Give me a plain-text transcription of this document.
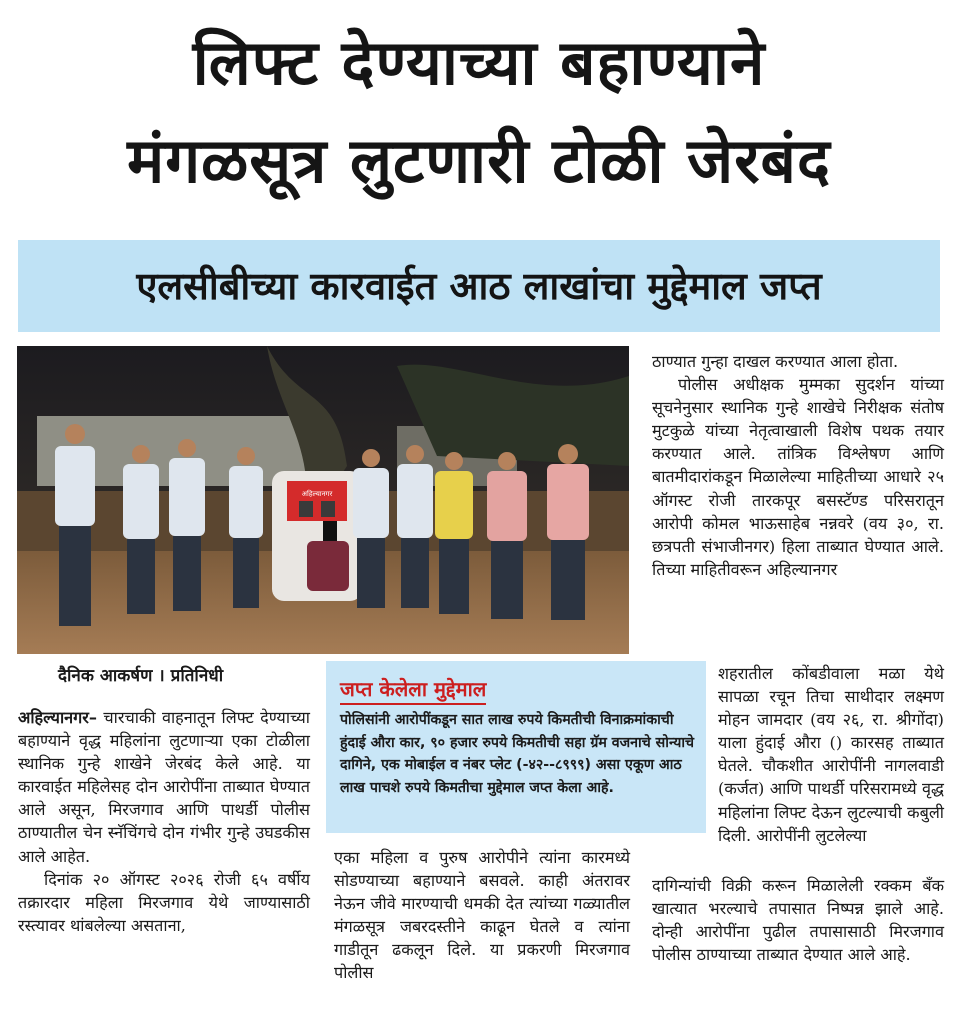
लिफ्ट देण्याच्या बहाण्याने
मंगळसूत्र लुटणारी टोळी जेरबंद
एलसीबीच्या कारवाईत आठ लाखांचा मुद्देमाल जप्त
अहिल्यानगर
दैनिक आकर्षण । प्रतिनिधी

अहिल्यानगर– चारचाकी वाहनातून लिफ्ट देण्याच्या बहाण्याने वृद्ध महिलांना लुटणाऱ्या एका टोळीला स्थानिक गुन्हे शाखेने जेरबंद केले आहे. या कारवाईत महिलेसह दोन आरोपींना ताब्यात घेण्यात आले असून, मिरजगाव आणि पाथर्डी पोलीस ठाण्यातील चेन स्नॅचिंगचे दोन गंभीर गुन्हे उघडकीस आले आहेत.

दिनांक २० ऑगस्ट २०२६ रोजी ६५ वर्षीय तक्रारदार महिला मिरजगाव येथे जाण्यासाठी रस्त्यावर थांबलेल्या असताना,

जप्त केलेला मुद्देमाल
पोलिसांनी आरोपींकडून सात लाख रुपये किमतीची विनाक्रमांकाची हुंदाई औरा कार, ९० हजार रुपये किमतीची सहा ग्रॅम वजनाचे सोन्याचे दागिने, एक मोबाईल व नंबर प्लेट (-४२--८९९९) असा एकूण आठ लाख पाचशे रुपये किमतीचा मुद्देमाल जप्त केला आहे.

एका महिला व पुरुष आरोपीने त्यांना कारमध्ये सोडण्याच्या बहाण्याने बसवले. काही अंतरावर नेऊन जीवे मारण्याची धमकी देत त्यांच्या गळ्यातील मंगळसूत्र जबरदस्तीने काढून घेतले व त्यांना गाडीतून ढकलून दिले. या प्रकरणी मिरजगाव पोलीस

ठाण्यात गुन्हा दाखल करण्यात आला होता.

पोलीस अधीक्षक मुम्मका सुदर्शन यांच्या सूचनेनुसार स्थानिक गुन्हे शाखेचे निरीक्षक संतोष मुटकुळे यांच्या नेतृत्वाखाली विशेष पथक तयार करण्यात आले. तांत्रिक विश्लेषण आणि बातमीदारांकडून मिळालेल्या माहितीच्या आधारे २५ ऑगस्ट रोजी तारकपूर बसस्टॅण्ड परिसरातून आरोपी कोमल भाऊसाहेब नन्नवरे (वय ३०, रा. छत्रपती संभाजीनगर) हिला ताब्यात घेण्यात आले. तिच्या माहितीवरून अहिल्यानगर

शहरातील कोंबडीवाला मळा येथे सापळा रचून तिचा साथीदार लक्ष्मण मोहन जामदार (वय २६, रा. श्रीगोंदा) याला हुंदाई औरा () कारसह ताब्यात घेतले. चौकशीत आरोपींनी नागलवाडी (कर्जत) आणि पाथर्डी परिसरामध्ये वृद्ध महिलांना लिफ्ट देऊन लुटल्याची कबुली दिली. आरोपींनी लुटलेल्या

दागिन्यांची विक्री करून मिळालेली रक्कम बँक खात्यात भरल्याचे तपासात निष्पन्न झाले आहे. दोन्ही आरोपींना पुढील तपासासाठी मिरजगाव पोलीस ठाण्याच्या ताब्यात देण्यात आले आहे.
